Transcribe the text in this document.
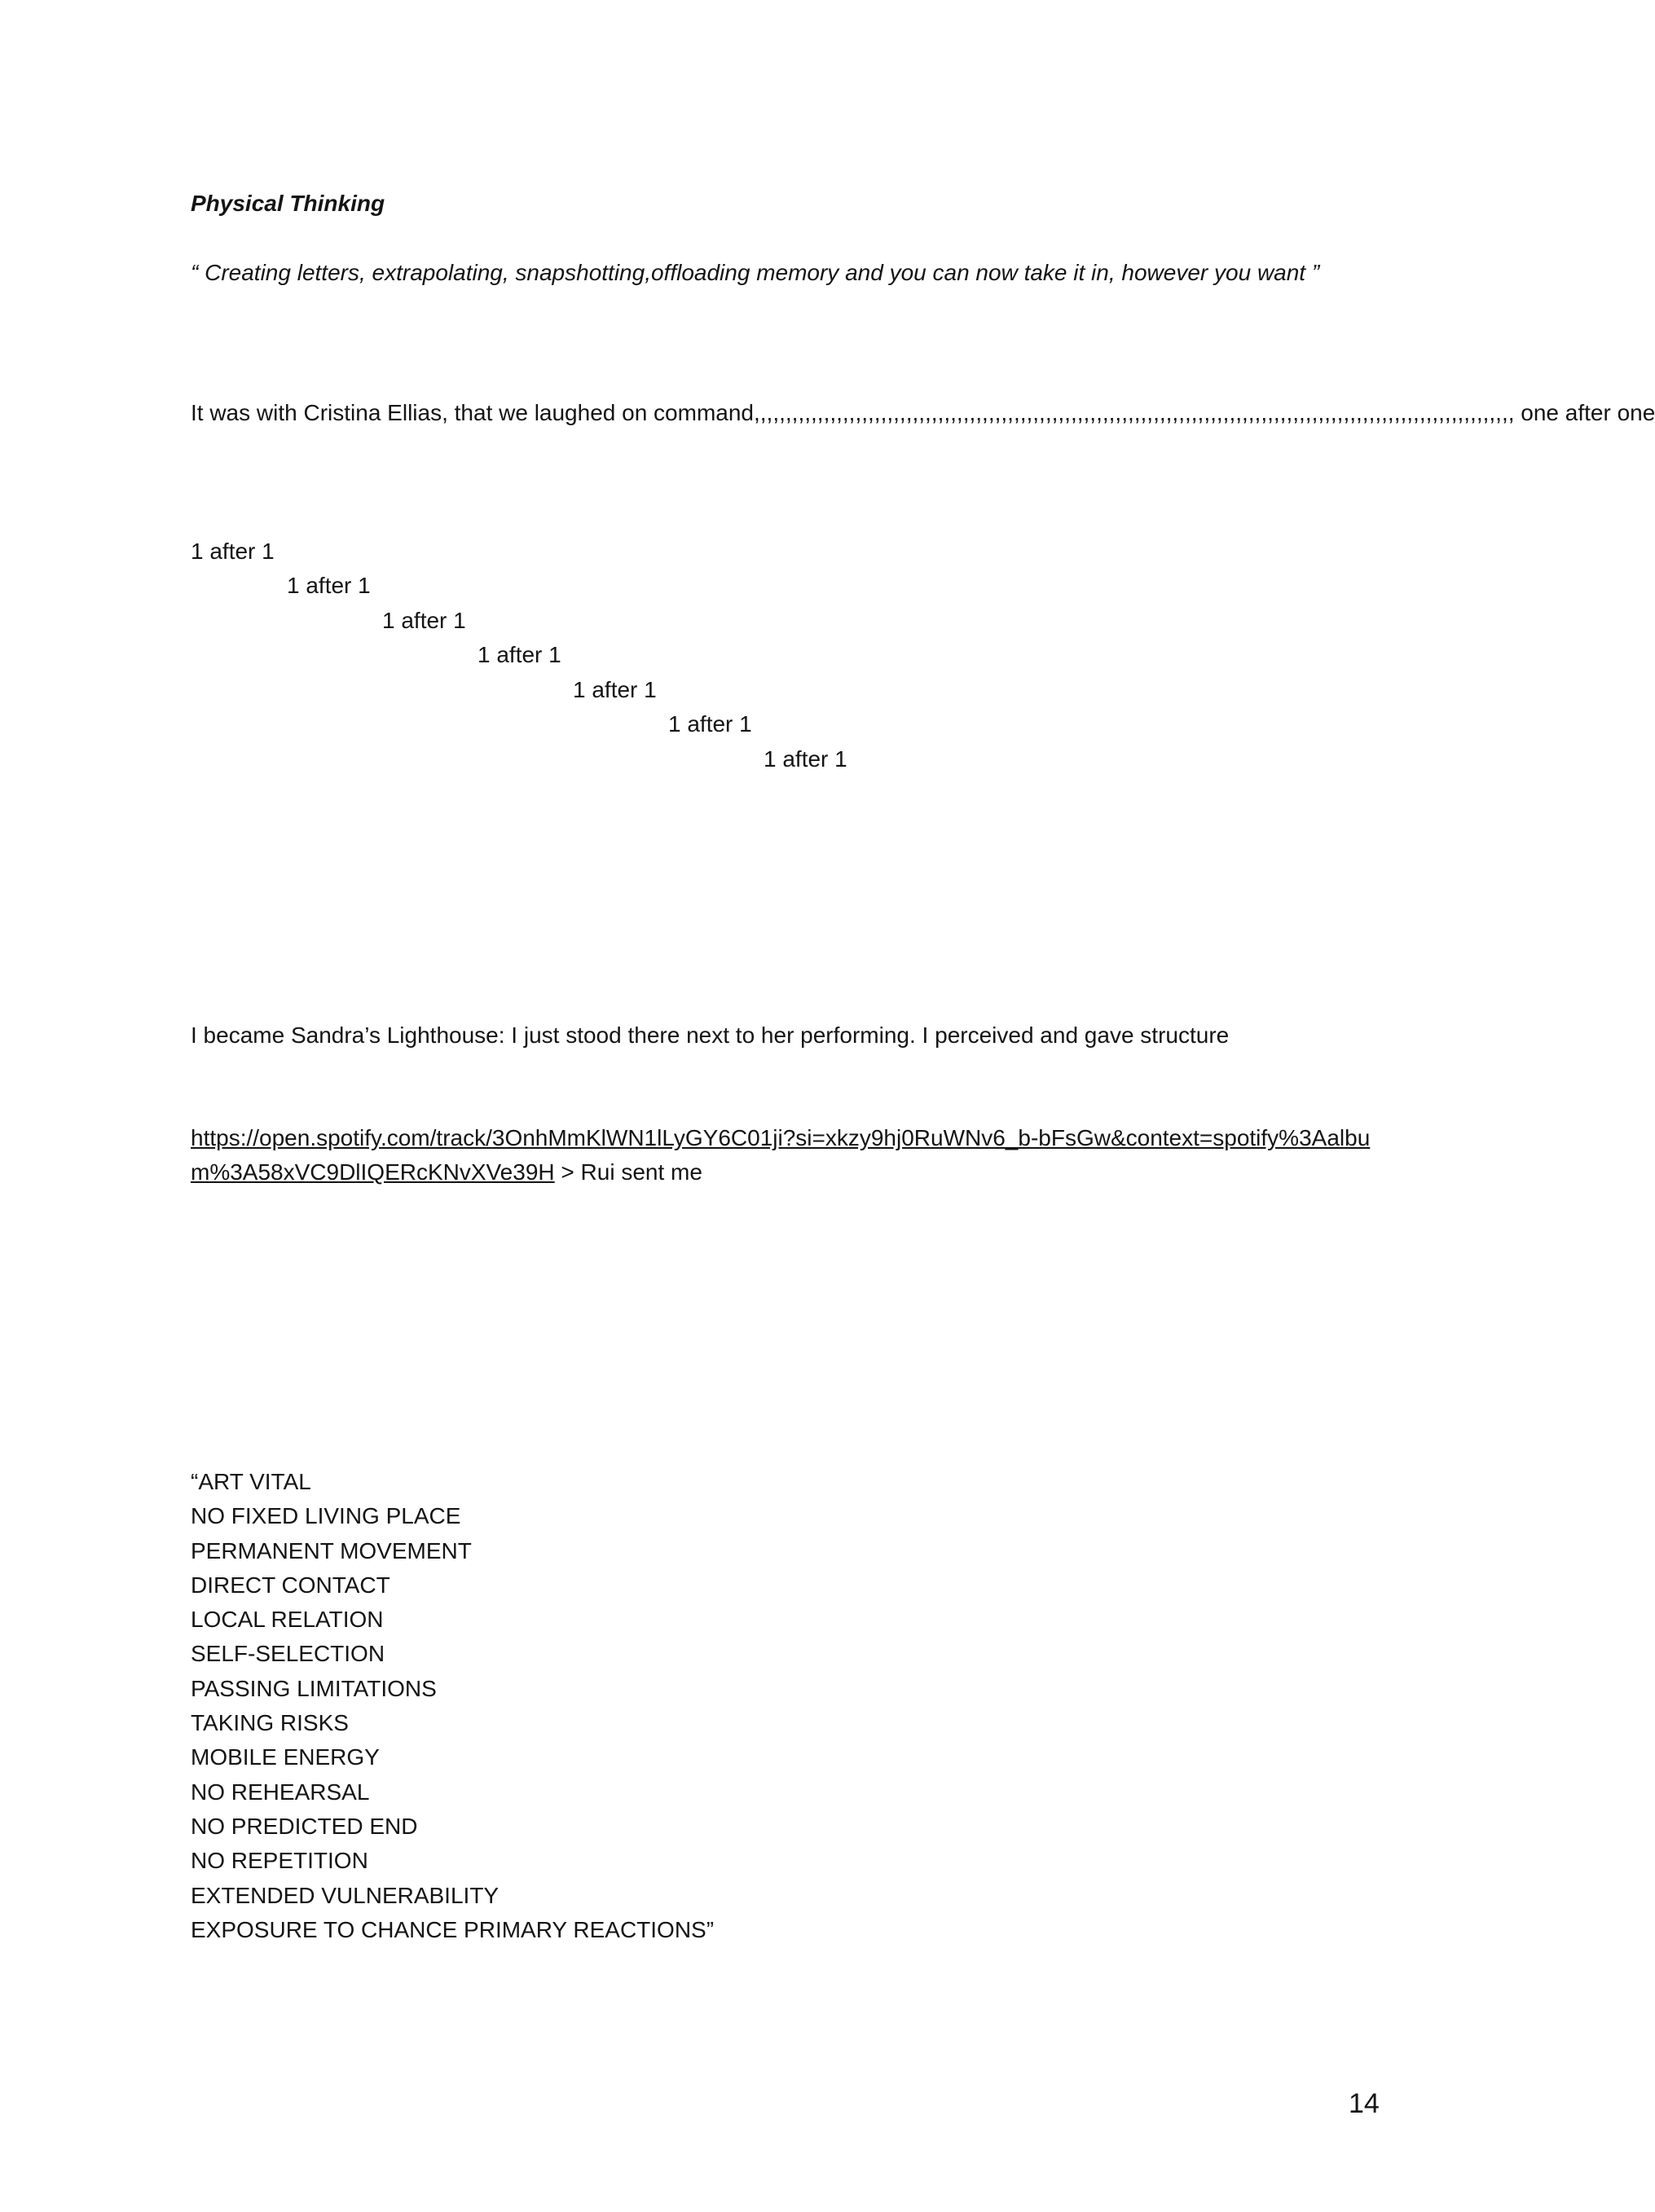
Physical Thinking
“ Creating letters, extrapolating, snapshotting,offloading memory and you can now take it in, however you want ”
It was with Cristina Ellias, that we laughed on command,,,,,,,,,,,,,,,,,,,,,,,,,,,,,,,,,,,,,,,,,,,,,,,,,,,,,,,,,,,,,,,,,,,,,,,,,,,,,,,,,,,,,,,,,,,,,,,,,,,,,,,,,,,,,,,,,,,,,,,, one after one
1 after 1
1 after 1
1 after 1
1 after 1
1 after 1
1 after 1
1 after 1
I became Sandra’s Lighthouse: I just stood there next to her performing. I perceived and gave structure
https://open.spotify.com/track/3OnhMmKlWN1lLyGY6C01ji?si=xkzy9hj0RuWNv6_b-bFsGw&context=spotify%3Aalbum%3A58xVC9DlIQERcKNvXVe39H > Rui sent me
“ART VITAL
NO FIXED LIVING PLACE
PERMANENT MOVEMENT
DIRECT CONTACT
LOCAL RELATION
SELF-SELECTION
PASSING LIMITATIONS
TAKING RISKS
MOBILE ENERGY
NO REHEARSAL
NO PREDICTED END
NO REPETITION
EXTENDED VULNERABILITY
EXPOSURE TO CHANCE PRIMARY REACTIONS”
14
